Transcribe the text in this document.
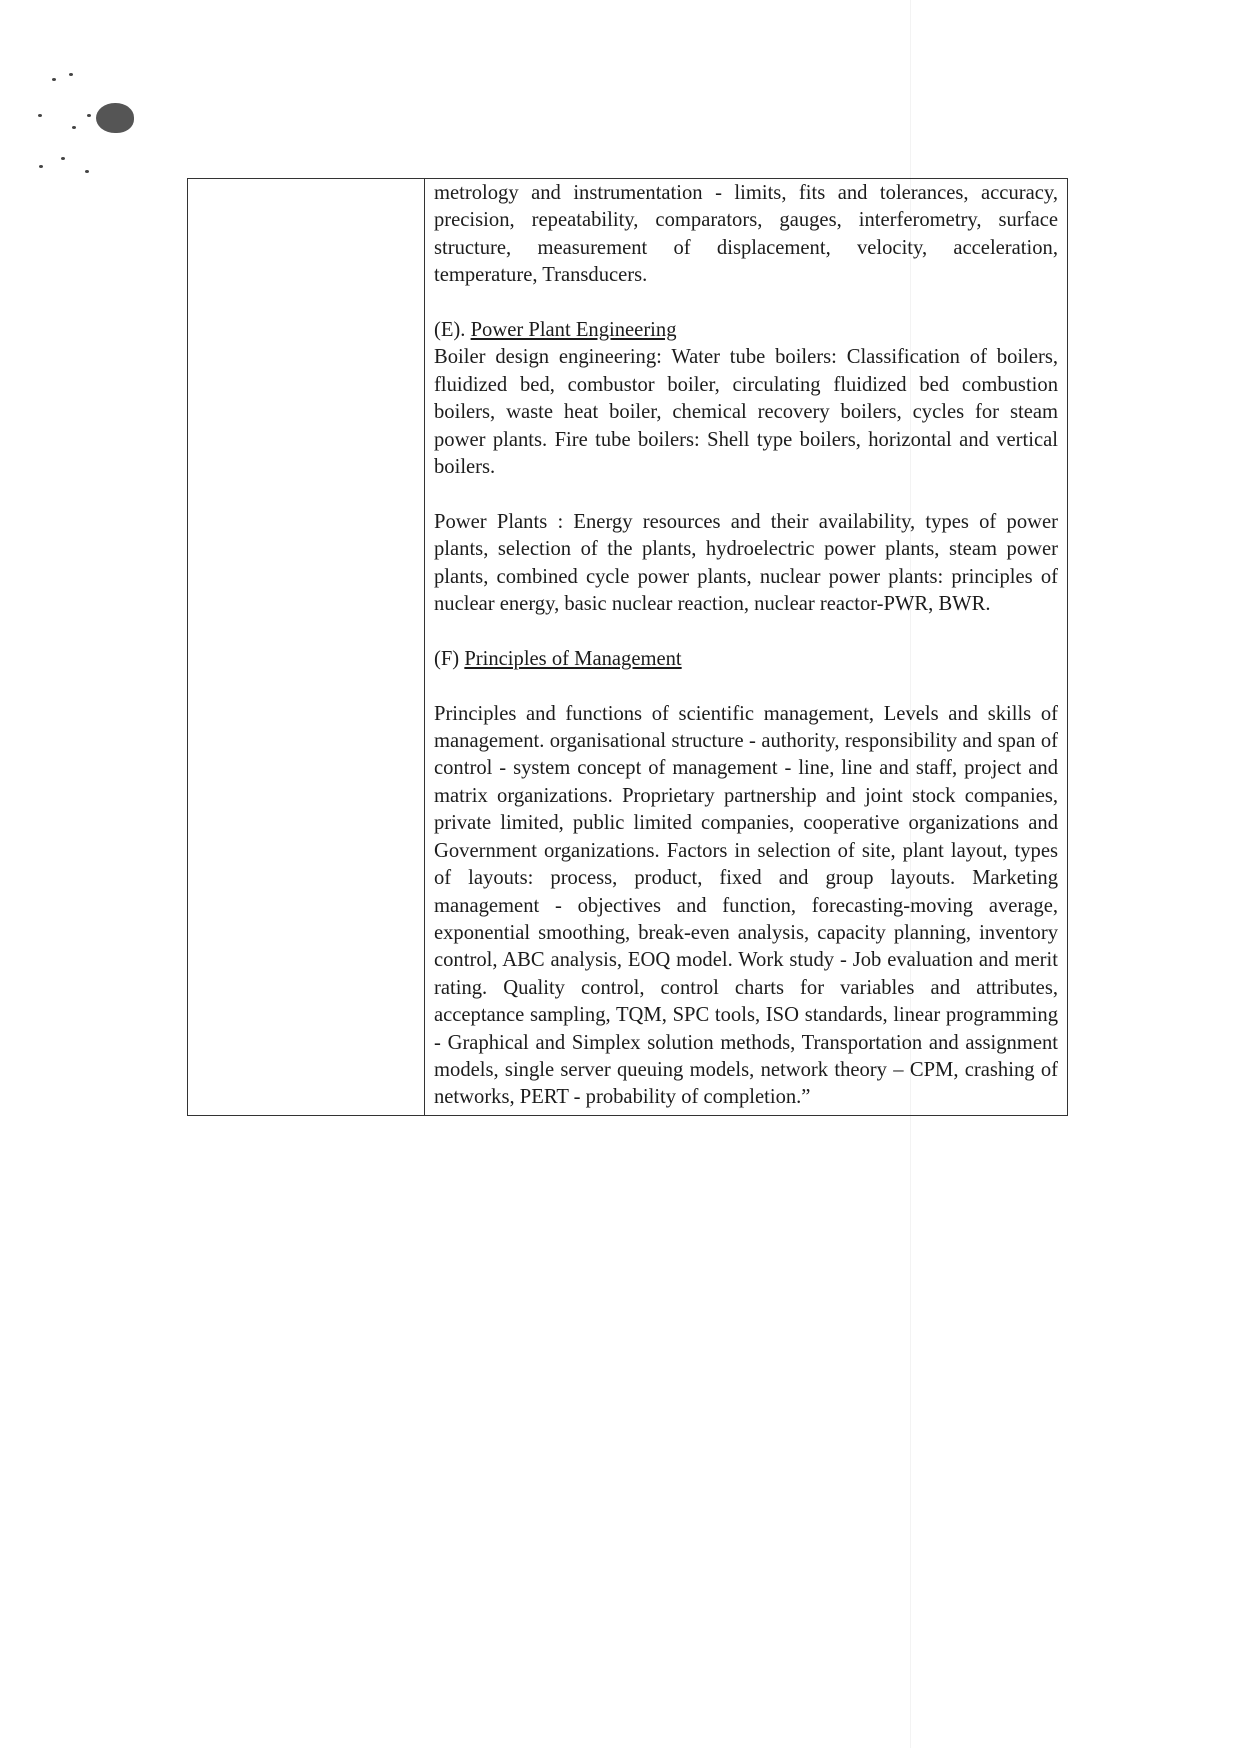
metrology and instrumentation - limits, fits and tolerances, accuracy, precision, repeatability, comparators, gauges, interferometry, surface structure, measurement of displacement, velocity, acceleration, temperature, Transducers.

(E). Power Plant Engineering

Boiler design engineering: Water tube boilers: Classification of boilers, fluidized bed, combustor boiler, circulating fluidized bed combustion boilers, waste heat boiler, chemical recovery boilers, cycles for steam power plants. Fire tube boilers: Shell type boilers, horizontal and vertical boilers.

Power Plants : Energy resources and their availability, types of power plants, selection of the plants, hydroelectric power plants, steam power plants, combined cycle power plants, nuclear power plants: principles of nuclear energy, basic nuclear reaction, nuclear reactor-PWR, BWR.

(F) Principles of Management

Principles and functions of scientific management, Levels and skills of management. organisational structure - authority, responsibility and span of control - system concept of management - line, line and staff, project and matrix organizations. Proprietary partnership and joint stock companies, private limited, public limited companies, cooperative organizations and Government organizations. Factors in selection of site, plant layout, types of layouts: process, product, fixed and group layouts. Marketing management - objectives and function, forecasting-moving average, exponential smoothing, break-even analysis, capacity planning, inventory control, ABC analysis, EOQ model. Work study - Job evaluation and merit rating. Quality control, control charts for variables and attributes, acceptance sampling, TQM, SPC tools, ISO standards, linear programming - Graphical and Simplex solution methods, Transportation and assignment models, single server queuing models, network theory – CPM, crashing of networks, PERT - probability of completion.”
